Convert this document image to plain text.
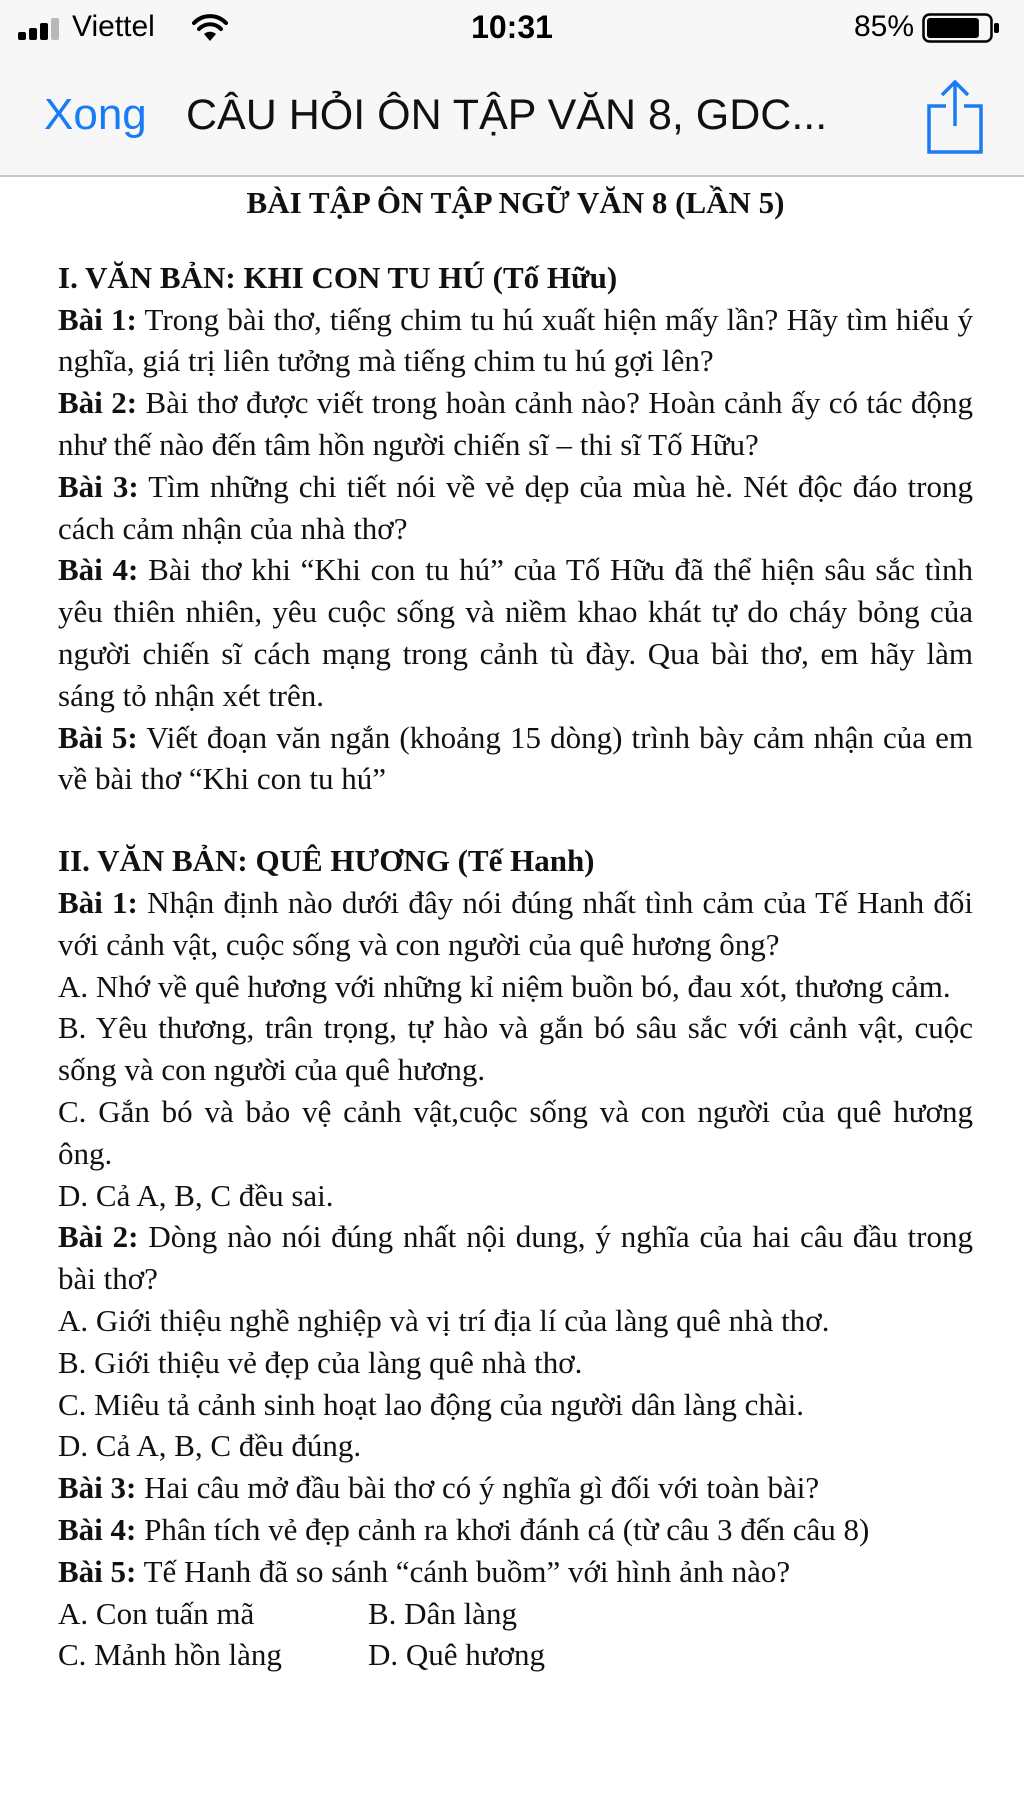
Viettel	10:31	85%
Xong CÂU HỎI ÔN TẬP VĂN 8, GDC...
BÀI TẬP ÔN TẬP NGỮ VĂN 8 (LẦN 5)
I. VĂN BẢN: KHI CON TU HÚ (Tố Hữu)

Bài 1: Trong bài thơ, tiếng chim tu hú xuất hiện mấy lần? Hãy tìm hiểu ý nghĩa, giá trị liên tưởng mà tiếng chim tu hú gợi lên?

Bài 2: Bài thơ được viết trong hoàn cảnh nào? Hoàn cảnh ấy có tác động như thế nào đến tâm hồn người chiến sĩ – thi sĩ Tố Hữu?

Bài 3: Tìm những chi tiết nói về vẻ dẹp của mùa hè. Nét độc đáo trong cách cảm nhận của nhà thơ?

Bài 4: Bài thơ khi “Khi con tu hú” của Tố Hữu đã thể hiện sâu sắc tình yêu thiên nhiên, yêu cuộc sống và niềm khao khát tự do cháy bỏng của người chiến sĩ cách mạng trong cảnh tù đày. Qua bài thơ, em hãy làm sáng tỏ nhận xét trên.

Bài 5: Viết đoạn văn ngắn (khoảng 15 dòng) trình bày cảm nhận của em về bài thơ “Khi con tu hú”

II. VĂN BẢN: QUÊ HƯƠNG (Tế Hanh)

Bài 1: Nhận định nào dưới đây nói đúng nhất tình cảm của Tế Hanh đối với cảnh vật, cuộc sống và con người của quê hương ông?

A. Nhớ về quê hương với những kỉ niệm buồn bó, đau xót, thương cảm.
B. Yêu thương, trân trọng, tự hào và gắn bó sâu sắc với cảnh vật, cuộc sống và con người của quê hương.
C. Gắn bó và bảo vệ cảnh vật,cuộc sống và con người của quê hương ông.
D. Cả A, B, C đều sai.

Bài 2: Dòng nào nói đúng nhất nội dung, ý nghĩa của hai câu đầu trong bài thơ?

A. Giới thiệu nghề nghiệp và vị trí địa lí của làng quê nhà thơ.
B. Giới thiệu vẻ đẹp của làng quê nhà thơ.
C. Miêu tả cảnh sinh hoạt lao động của người dân làng chài.
D. Cả A, B, C đều đúng.

Bài 3: Hai câu mở đầu bài thơ có ý nghĩa gì đối với toàn bài?

Bài 4: Phân tích vẻ đẹp cảnh ra khơi đánh cá (từ câu 3 đến câu 8)

Bài 5: Tế Hanh đã so sánh “cánh buồm” với hình ảnh nào?

A. Con tuấn mã	B. Dân làng
C. Mảnh hồn làng	D. Quê hương
